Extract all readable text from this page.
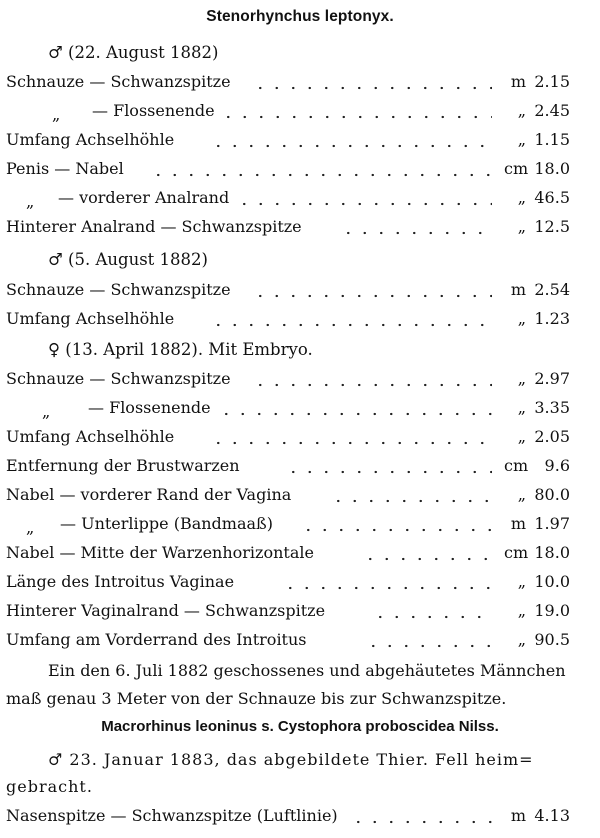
Stenorhynchus leptonyx.
♂ (22. August 1882)
Schnauze — Schwanzspitze	m 2.15
„ — Flossenende	„ 2.45
Umfang Achselhöhle	„ 1.15
Penis — Nabel	cm 18.0
„ — vorderer Analrand	„ 46.5
Hinterer Analrand — Schwanzspitze	„ 12.5
♂ (5. August 1882)
Schnauze — Schwanzspitze	m 2.54
Umfang Achselhöhle	„ 1.23
♀ (13. April 1882). Mit Embryo.
Schnauze — Schwanzspitze	„ 2.97
„ — Flossenende	„ 3.35
Umfang Achselhöhle	„ 2.05
Entfernung der Brustwarzen	cm	9.6
Nabel — vorderer Rand der Vagina	„ 80.0
„ — Unterlippe (Bandmaaß)	m 1.97
Nabel — Mitte der Warzenhorizontale	cm 18.0
Länge des Introitus Vaginae	„ 10.0
Hinterer Vaginalrand — Schwanzspitze	„ 19.0
Umfang am Vorderrand des Introitus	„ 90.5
Ein den 6. Juli 1882 geschossenes und abgehäutetes Männchen
maß genau 3 Meter von der Schnauze bis zur Schwanzspitze.
Macrorhinus leoninus s. Cystophora proboscidea Nilss.
♂ 23. Januar 1883, das abgebildete Thier. Fell heim=
gebracht.
Nasenspitze — Schwanzspitze (Luftlinie)	m 4.13
